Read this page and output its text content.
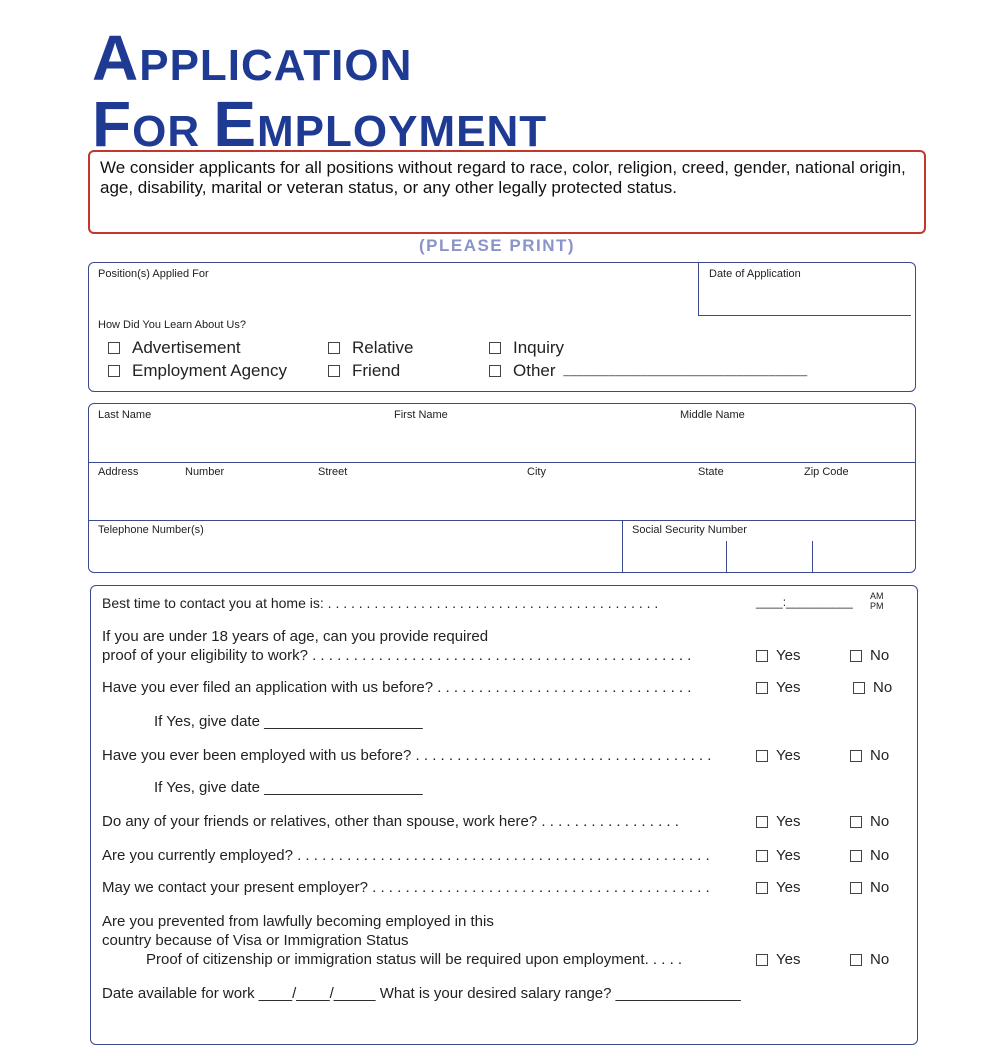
APPLICATION
FOR EMPLOYMENT
We consider applicants for all positions without regard to race, color, religion, creed, gender, national origin, age, disability, marital or veteran status, or any other legally protected status.
(PLEASE PRINT)
Position(s) Applied For	Date of Application
How Did You Learn About Us?
Advertisement	Relative	Inquiry
Employment Agency	Friend	Other ______________________________________
Last Name	First Name	Middle Name
Address	Number	Street	City	State	Zip Code
Telephone Number(s)	Social Security Number
Best time to contact you at home is: . . . . . . . . . . . . . . . . . . . . . . . . . . . . . . . . . . . . . . . . . . .	____:__________ AM
PM
If you are under 18 years of age, can you provide required
proof of your eligibility to work? . . . . . . . . . . . . . . . . . . . . . . . . . . . . . . . . . . . . . . . . . . . . . .	Yes	No
Have you ever filed an application with us before? . . . . . . . . . . . . . . . . . . . . . . . . . . . . . . .	Yes	No
If Yes, give date ___________________
Have you ever been employed with us before? . . . . . . . . . . . . . . . . . . . . . . . . . . . . . . . . . . . .	Yes	No
If Yes, give date ___________________
Do any of your friends or relatives, other than spouse, work here? . . . . . . . . . . . . . . . . .	Yes	No
Are you currently employed? . . . . . . . . . . . . . . . . . . . . . . . . . . . . . . . . . . . . . . . . . . . . . . . . . .	Yes	No
May we contact your present employer? . . . . . . . . . . . . . . . . . . . . . . . . . . . . . . . . . . . . . . . . .	Yes	No
Are you prevented from lawfully becoming employed in this
country because of Visa or Immigration Status
Proof of citizenship or immigration status will be required upon employment. . . . .	Yes	No
Date available for work ____/____/_____ What is your desired salary range? _______________
